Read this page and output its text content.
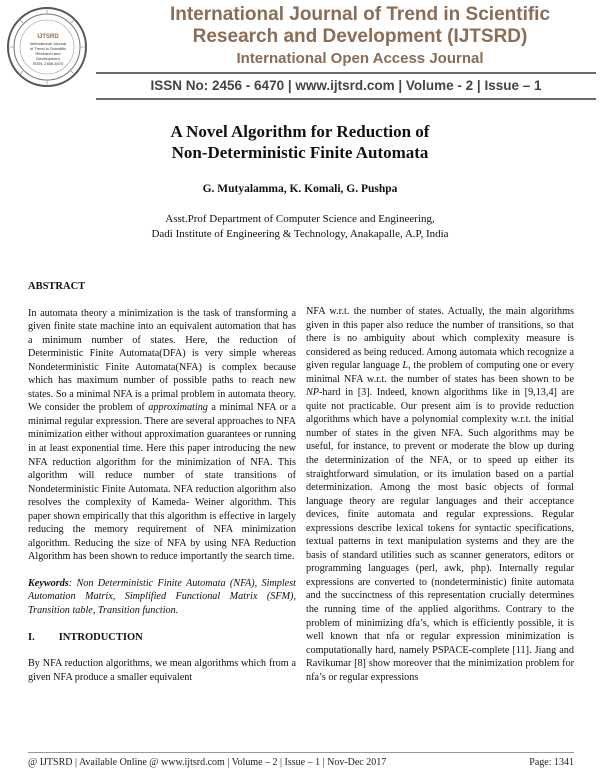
IJTSRD
International Journal
of Trend in Scientific
Research and
Development
ISSN: 2456-6470
International Journal of Trend in Scientific
Research and Development (IJTSRD)
International Open Access Journal
ISSN No: 2456 - 6470 | www.ijtsrd.com | Volume - 2 | Issue – 1
A Novel Algorithm for Reduction of
Non-Deterministic Finite Automata
G. Mutyalamma, K. Komali, G. Pushpa
Asst.Prof Department of Computer Science and Engineering,
Dadi Institute of Engineering & Technology, Anakapalle, A.P, India
ABSTRACT

In automata theory a minimization is the task of transforming a given finite state machine into an equivalent automation that has a minimum number of states. Here, the reduction of Deterministic Finite Automata(DFA) is very simple whereas Nondeterministic Finite Automata(NFA) is complex because which has maximum number of possible paths to reach new states. So a minimal NFA is a primal problem in automata theory. We consider the problem of approximating a minimal NFA or a minimal regular expression. There are several approaches to NFA minimization either without approximation guarantees or running in at least exponential time. Here this paper introducing the new NFA reduction algorithm for the minimization of NFA. This algorithm will reduce number of state transitions of Nondeterministic Finite Automata. NFA reduction algorithm also resolves the complexity of Kameda- Weiner algorithm. This paper shown empirically that this algorithm is effective in largely reducing the memory requirement of NFA minimization algorithm. Reducing the size of NFA by using NFA Reduction Algorithm has been shown to reduce importantly the search time.

Keywords: Non Deterministic Finite Automata (NFA), Simplest Automation Matrix, Simplified Functional Matrix (SFM), Transition table, Transition function.

I. INTRODUCTION

By NFA reduction algorithms, we mean algorithms which from a given NFA produce a smaller equivalent

NFA w.r.t. the number of states. Actually, the main algorithms given in this paper also reduce the number of transitions, so that there is no ambiguity about which complexity measure is considered as being reduced. Among automata which recognize a given regular language L, the problem of computing one or every minimal NFA w.r.t. the number of states has been shown to be NP-hard in [3]. Indeed, known algorithms like in [9,13,4] are quite not practicable. Our present aim is to provide reduction algorithms which have a polynomial complexity w.r.t. the initial number of states in the given NFA. Such algorithms may be useful, for instance, to prevent or moderate the blow up during the determinization of the NFA, or to speed up either its straightforward simulation, or its imulation based on a partial determinization. Among the most basic objects of formal language theory are regular languages and their acceptance devices, finite automata and regular expressions. Regular expressions describe lexical tokens for syntactic specifications, textual patterns in text manipulation systems and they are the basis of standard utilities such as scanner generators, editors or programming languages (perl, awk, php). Internally regular expressions are converted to (nondeterministic) finite automata and the succinctness of this representation crucially determines the running time of the applied algorithms. Contrary to the problem of minimizing dfa’s, which is efficiently possible, it is well known that nfa or regular expression minimization is computationally hard, namely PSPACE-complete [11]. Jiang and Ravikumar [8] show moreover that the minimization problem for nfa’s or regular expressions

@ IJTSRD | Available Online @ www.ijtsrd.com | Volume – 2 | Issue – 1 | Nov-Dec 2017	Page: 1341
